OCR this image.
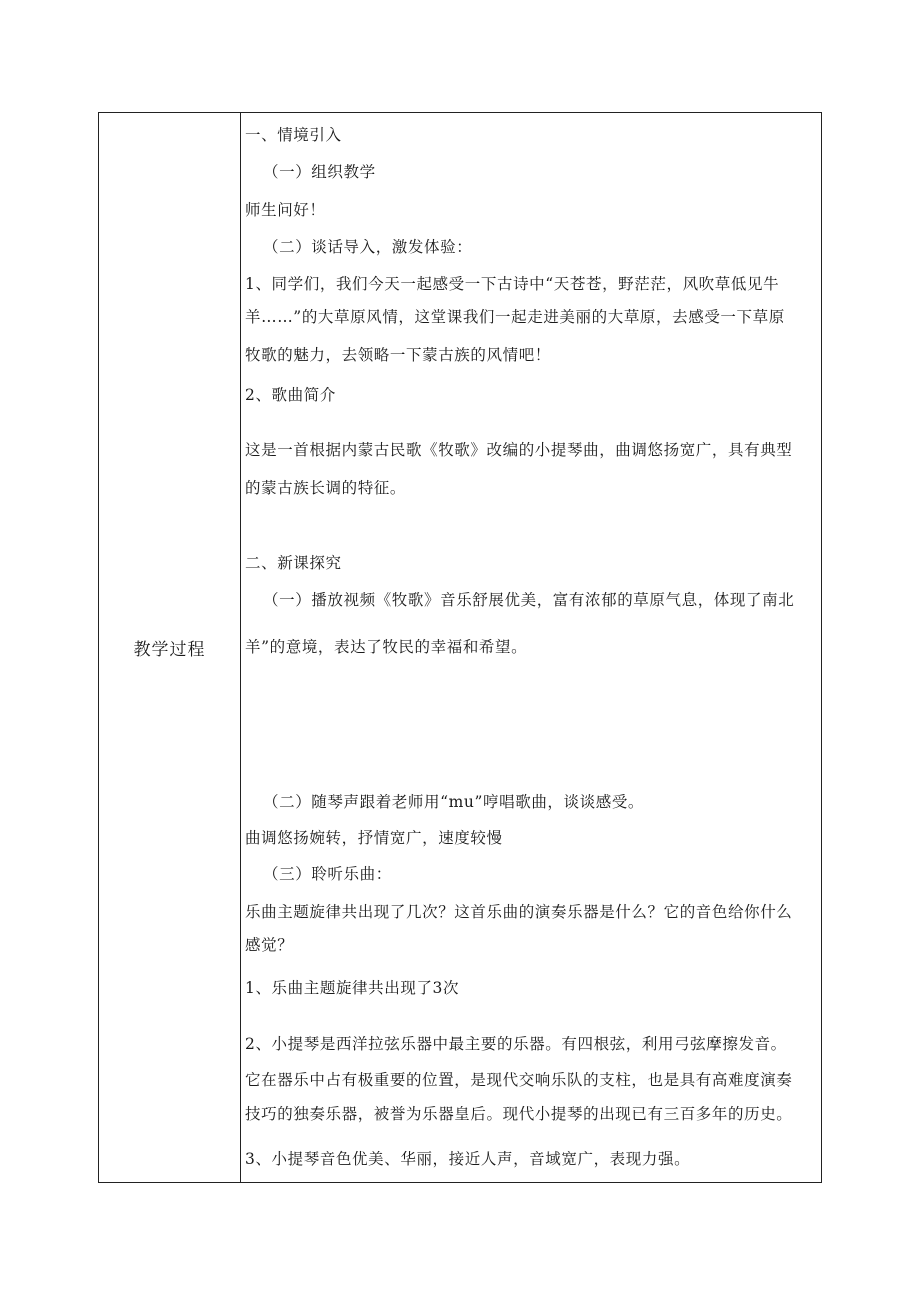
教学过程
一、情境引入
（一）组织教学
师生问好！
（二）谈话导入，激发体验：
1、同学们，我们今天一起感受一下古诗中“天苍苍，野茫茫，风吹草低见牛
羊……”的大草原风情，这堂课我们一起走进美丽的大草原，去感受一下草原
牧歌的魅力，去领略一下蒙古族的风情吧！
2、歌曲简介
这是一首根据内蒙古民歌《牧歌》改编的小提琴曲，曲调悠扬宽广，具有典型
的蒙古族长调的特征。
二、新课探究
（一）播放视频《牧歌》音乐舒展优美，富有浓郁的草原气息，体现了南北
羊”的意境，表达了牧民的幸福和希望。
（二）随琴声跟着老师用“mu”哼唱歌曲，谈谈感受。
曲调悠扬婉转，抒情宽广，速度较慢
（三）聆听乐曲：
乐曲主题旋律共出现了几次？这首乐曲的演奏乐器是什么？它的音色给你什么
感觉？
1、乐曲主题旋律共出现了3次
2、小提琴是西洋拉弦乐器中最主要的乐器。有四根弦，利用弓弦摩擦发音。
它在器乐中占有极重要的位置，是现代交响乐队的支柱，也是具有高难度演奏
技巧的独奏乐器，被誉为乐器皇后。现代小提琴的出现已有三百多年的历史。
3、小提琴音色优美、华丽，接近人声，音域宽广，表现力强。
